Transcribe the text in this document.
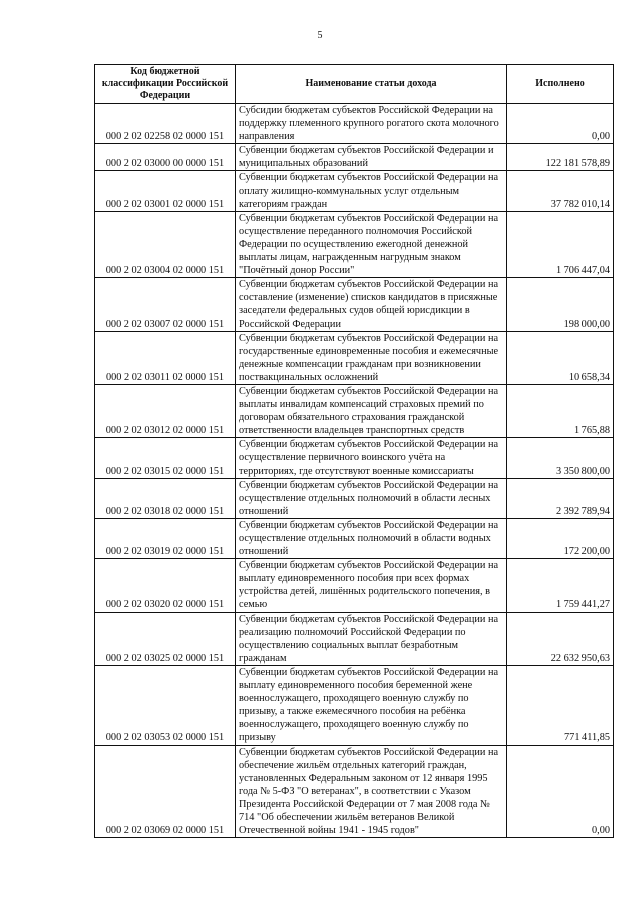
5
Код бюджетной классификации Российской Федерации	Наименование статьи дохода	Исполнено
000 2 02 02258 02 0000 151	Субсидии бюджетам субъектов Российской Федерации на поддержку племенного крупного рогатого скота молочного направления	0,00
000 2 02 03000 00 0000 151	Субвенции бюджетам субъектов Российской Федерации и муниципальных образований	122 181 578,89
000 2 02 03001 02 0000 151	Субвенции бюджетам субъектов Российской Федерации на оплату жилищно-коммунальных услуг отдельным категориям граждан	37 782 010,14
000 2 02 03004 02 0000 151	Субвенции бюджетам субъектов Российской Федерации на осуществление переданного полномочия Российской Федерации по осуществлению ежегодной денежной выплаты лицам, награжденным нагрудным знаком "Почётный донор России"	1 706 447,04
000 2 02 03007 02 0000 151	Субвенции бюджетам субъектов Российской Федерации на составление (изменение) списков кандидатов в присяжные заседатели федеральных судов общей юрисдикции в Российской Федерации	198 000,00
000 2 02 03011 02 0000 151	Субвенции бюджетам субъектов Российской Федерации на государственные единовременные пособия и ежемесячные денежные компенсации гражданам при возникновении поствакцинальных осложнений	10 658,34
000 2 02 03012 02 0000 151	Субвенции бюджетам субъектов Российской Федерации на выплаты инвалидам компенсаций страховых премий по договорам обязательного страхования гражданской ответственности владельцев транспортных средств	1 765,88
000 2 02 03015 02 0000 151	Субвенции бюджетам субъектов Российской Федерации на осуществление первичного воинского учёта на территориях, где отсутствуют военные комиссариаты	3 350 800,00
000 2 02 03018 02 0000 151	Субвенции бюджетам субъектов Российской Федерации на осуществление отдельных полномочий в области лесных отношений	2 392 789,94
000 2 02 03019 02 0000 151	Субвенции бюджетам субъектов Российской Федерации на осуществление отдельных полномочий в области водных отношений	172 200,00
000 2 02 03020 02 0000 151	Субвенции бюджетам субъектов Российской Федерации на выплату единовременного пособия при всех формах устройства детей, лишённых родительского попечения, в семью	1 759 441,27
000 2 02 03025 02 0000 151	Субвенции бюджетам субъектов Российской Федерации на реализацию полномочий Российской Федерации по осуществлению социальных выплат безработным гражданам	22 632 950,63
000 2 02 03053 02 0000 151	Субвенции бюджетам субъектов Российской Федерации на выплату единовременного пособия беременной жене военнослужащего, проходящего военную службу по призыву, а также ежемесячного пособия на ребёнка военнослужащего, проходящего военную службу по призыву	771 411,85
000 2 02 03069 02 0000 151	Субвенции бюджетам субъектов Российской Федерации на обеспечение жильём отдельных категорий граждан, установленных Федеральным законом от 12 января 1995 года № 5-ФЗ "О ветеранах", в соответствии с Указом Президента Российской Федерации от 7 мая 2008 года № 714 "Об обеспечении жильём ветеранов Великой Отечественной войны 1941 - 1945 годов"	0,00
